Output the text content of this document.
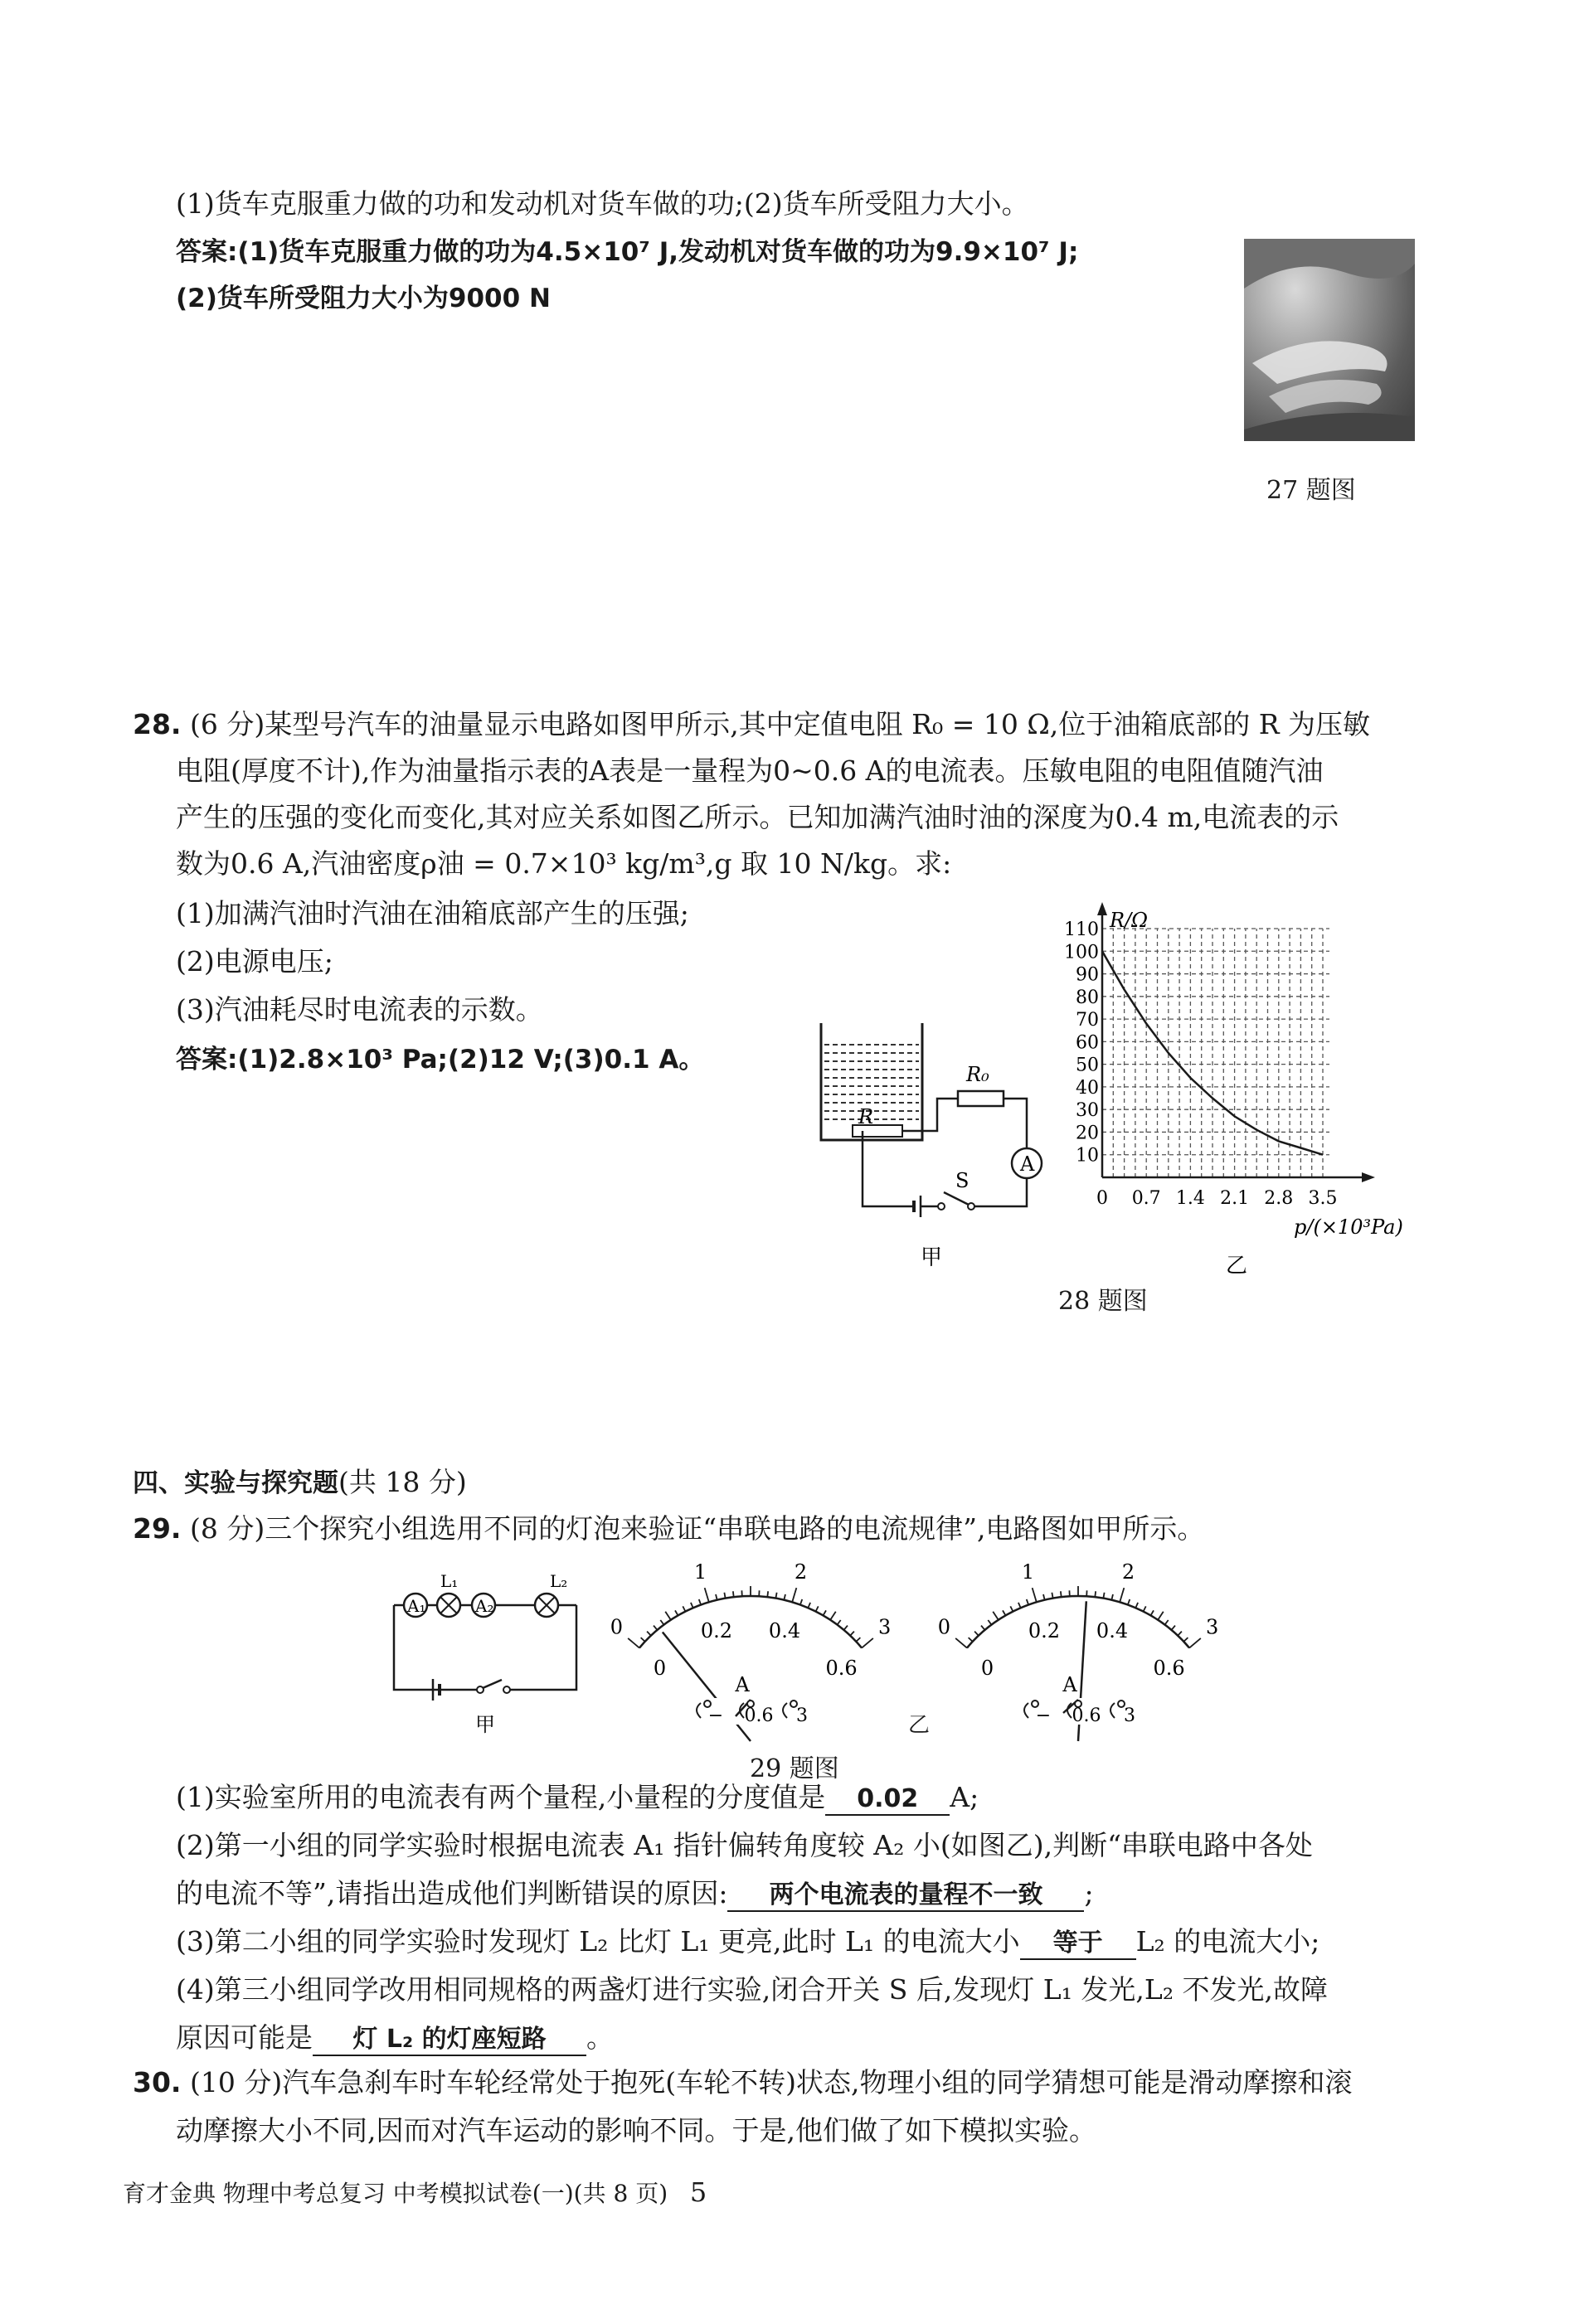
(1)货车克服重力做的功和发动机对货车做的功;(2)货车所受阻力大小。
答案:(1)货车克服重力做的功为4.5×10⁷ J,发动机对货车做的功为9.9×10⁷ J;
(2)货车所受阻力大小为9000 N
27 题图
28. (6 分)某型号汽车的油量显示电路如图甲所示,其中定值电阻 R₀ = 10 Ω,位于油箱底部的 R 为压敏
电阻(厚度不计),作为油量指示表的A表是一量程为0~0.6 A的电流表。压敏电阻的电阻值随汽油
产生的压强的变化而变化,其对应关系如图乙所示。已知加满汽油时油的深度为0.4 m,电流表的示
数为0.6 A,汽油密度ρ油 = 0.7×10³ kg/m³,g 取 10 N/kg。求:
(1)加满汽油时汽油在油箱底部产生的压强;
(2)电源电压;
(3)汽油耗尽时电流表的示数。
答案:(1)2.8×10³ Pa;(2)12 V;(3)0.1 A。
R
R₀
A
S
甲
R/Ω
p/(×10³Pa)
10
20
30
40
50
60
70
80
90
100
110
0 0.7 1.4 2.1 2.8 3.5
乙
28 题图
四、实验与探究题(共 18 分)
29. (8 分)三个探究小组选用不同的灯泡来验证“串联电路的电流规律”,电路图如甲所示。
A₁
L₁
A₂
L₂
甲
0
1	2
3
0
0.2 0.4
0.6
A
− 0.6 3
0
1	2
3
0
0.2 0.4
0.6
A
− 0.6 3
乙
29 题图
(1)实验室所用的电流表有两个量程,小量程的分度值是 0.02 A;
(2)第一小组的同学实验时根据电流表 A₁ 指针偏转角度较 A₂ 小(如图乙),判断“串联电路中各处
的电流不等”,请指出造成他们判断错误的原因: 两个电流表的量程不一致 ;
(3)第二小组的同学实验时发现灯 L₂ 比灯 L₁ 更亮,此时 L₁ 的电流大小 等于 L₂ 的电流大小;
(4)第三小组同学改用相同规格的两盏灯进行实验,闭合开关 S 后,发现灯 L₁ 发光,L₂ 不发光,故障
原因可能是 灯 L₂ 的灯座短路 。
30. (10 分)汽车急刹车时车轮经常处于抱死(车轮不转)状态,物理小组的同学猜想可能是滑动摩擦和滚
动摩擦大小不同,因而对汽车运动的影响不同。于是,他们做了如下模拟实验。
育才金典 物理中考总复习 中考模拟试卷(一)(共 8 页) 5
